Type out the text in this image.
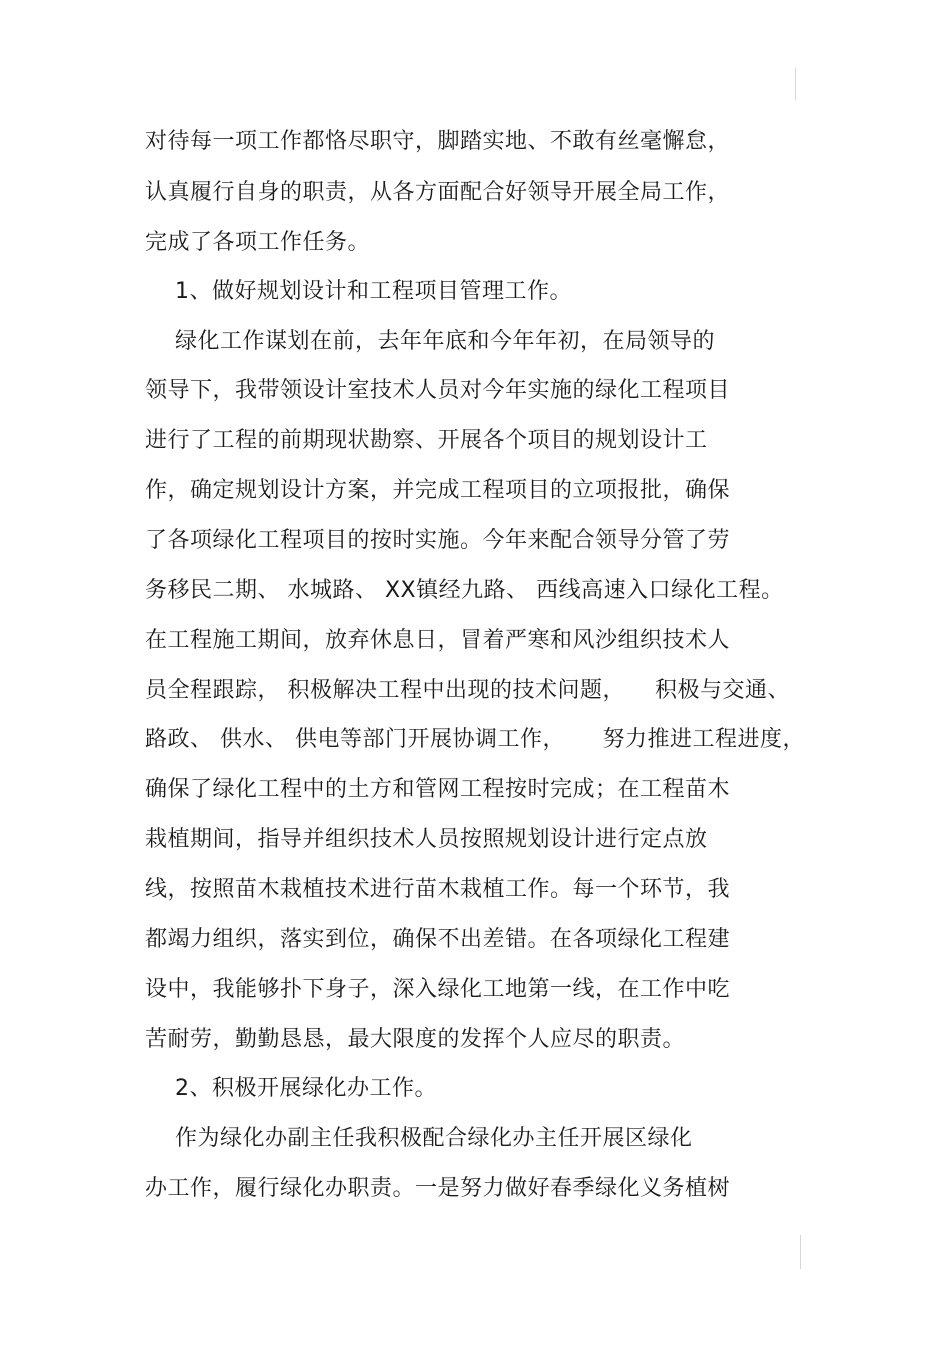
对待每一项工作都恪尽职守，脚踏实地、不敢有丝毫懈怠，
认真履行自身的职责，从各方面配合好领导开展全局工作，
完成了各项工作任务。
1、做好规划设计和工程项目管理工作。
绿化工作谋划在前，去年年底和今年年初，在局领导的
领导下，我带领设计室技术人员对今年实施的绿化工程项目
进行了工程的前期现状勘察、开展各个项目的规划设计工
作，确定规划设计方案，并完成工程项目的立项报批，确保
了各项绿化工程项目的按时实施。今年来配合领导分管了劳
务移民二期、 水城路、 XX镇经九路、 西线高速入口绿化工程。
在工程施工期间，放弃休息日，冒着严寒和风沙组织技术人
员全程跟踪， 积极解决工程中出现的技术问题，    积极与交通、
路政、 供水、 供电等部门开展协调工作，     努力推进工程进度，
确保了绿化工程中的土方和管网工程按时完成；在工程苗木
栽植期间，指导并组织技术人员按照规划设计进行定点放
线，按照苗木栽植技术进行苗木栽植工作。每一个环节，我
都竭力组织，落实到位，确保不出差错。在各项绿化工程建
设中，我能够扑下身子，深入绿化工地第一线，在工作中吃
苦耐劳，勤勤恳恳，最大限度的发挥个人应尽的职责。
2、积极开展绿化办工作。
作为绿化办副主任我积极配合绿化办主任开展区绿化
办工作，履行绿化办职责。一是努力做好春季绿化义务植树
